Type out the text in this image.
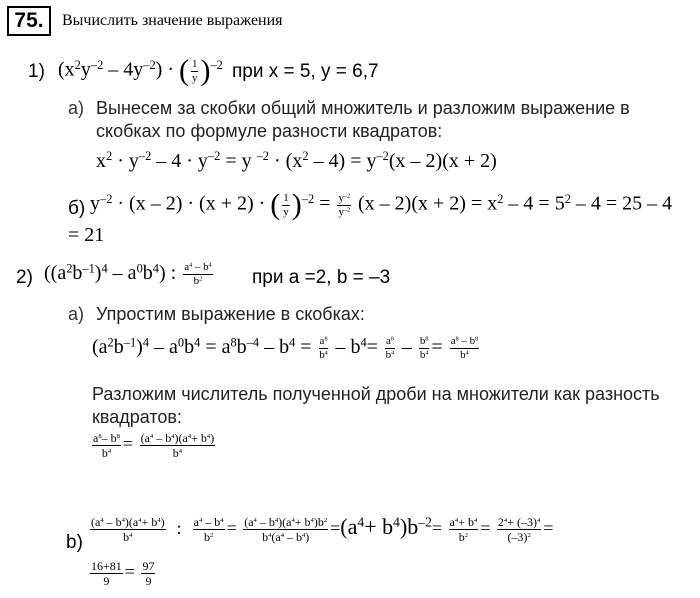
75.	Вычислить значение выражения
1) $(x^2y^{-2} - 4y^{-2})$ · ( $\frac{1}{y} )^{-2}$ при x = 5, y = 6,7
а) Вынесем за скобки общий множитель и разложим выражение в
скобках по формуле разности квадратов:
$x^2 \cdot y^{-2} - 4 \cdot y^{-2} = y$ $^{-2} \cdot (x^2 - 4) = y^{-2}(x - 2)(x + 2)$
б) $y^{-2} \cdot (x - 2) \cdot (x + 2)$ · ( $\frac{1}{y} )^{-2} = \frac{y^{-2}}{y^{-2}} (x - 2)(x + 2) = x^2 - 4 = 5^2 - 4 = 25 - 4$
= 21
2) $((a^2b^{-1})^4 - a^0b^4)$ : $\frac{a^4 - b^4}{b^2}$ при а =2, b = –3
а) Упростим выражение в скобках:
$(a^2b^{-1})^4 - a^0b^4 = a^8b^{-4} - b^4 = \frac{a^8}{b^4} - b^4= \frac{a^8}{b^4} - \frac{b^8}{b^4} = \frac{a^8 - b^8}{b^4}$
Разложим числитель полученной дроби на множители как разность
квадратов:
$\frac{a^8- b^8}{b^4} = \frac{(a^4 - b^4)(a^4+ b^4)}{b^4}$
$b) \frac{(a^4 - b^4)(a^4+ b^4)}{b^4}$ : $\frac{a^4 - b^4}{b^2} = \frac{(a^4 - b^4)(a^4+ b^4)b^2}{b^4(a^4 - b^4)} =(a^4+ b^4)b^{-2}= \frac{a^4+ b^4}{b^2} = \frac{2^4+ (-3)^4}{(-3)^2}$ =
$\frac{16+81}{9} = \frac{97}{9}$
